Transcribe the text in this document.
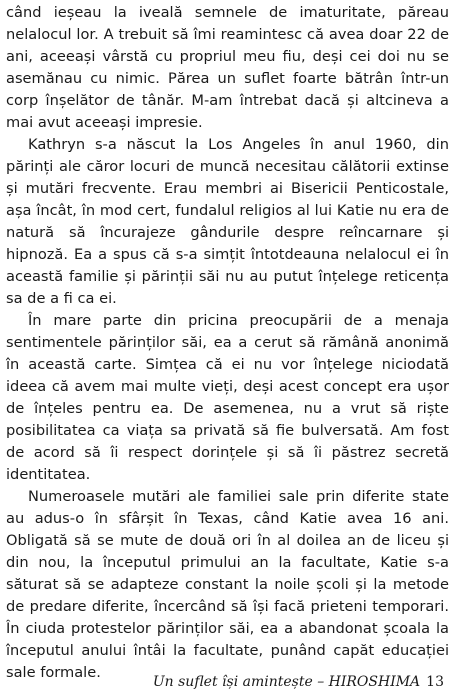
când ieșeau la iveală semnele de imaturitate, păreau nelalocul lor. A trebuit să îmi reamintesc că avea doar 22 de ani, aceeași vârstă cu propriul meu fiu, deși cei doi nu se asemănau cu nimic. Părea un suflet foarte bătrân într-un corp înșelător de tânăr. M-am întrebat dacă și altcineva a mai avut aceeași impresie.

Kathryn s-a născut la Los Angeles în anul 1960, din părinți ale căror locuri de muncă necesitau călătorii extinse și mutări frecvente. Erau membri ai Bisericii Penticostale, așa încât, în mod cert, fundalul religios al lui Katie nu era de natură să încurajeze gândurile despre reîncarnare și hipnoză. Ea a spus că s-a simțit întotdeauna nelalocul ei în această familie și părinții săi nu au putut înțelege reticența sa de a fi ca ei.

În mare parte din pricina preocupării de a menaja sentimentele părinților săi, ea a cerut să rămână anonimă în această carte. Simțea că ei nu vor înțelege niciodată ideea că avem mai multe vieți, deși acest concept era ușor de înțeles pentru ea. De asemenea, nu a vrut să riște posibilitatea ca viața sa privată să fie bulversată. Am fost de acord să îi respect dorințele și să îi păstrez secretă identitatea.

Numeroasele mutări ale familiei sale prin diferite state au adus-o în sfârșit în Texas, când Katie avea 16 ani. Obligată să se mute de două ori în al doilea an de liceu și din nou, la începutul primului an la facultate, Katie s-a săturat să se adapteze constant la noile școli și la metode de predare diferite, încercând să își facă prieteni temporari. În ciuda protestelor părinților săi, ea a abandonat școala la începutul anului întâi la facultate, punând capăt educației sale formale.

Un suflet își amintește – HIROSHIMA 13
